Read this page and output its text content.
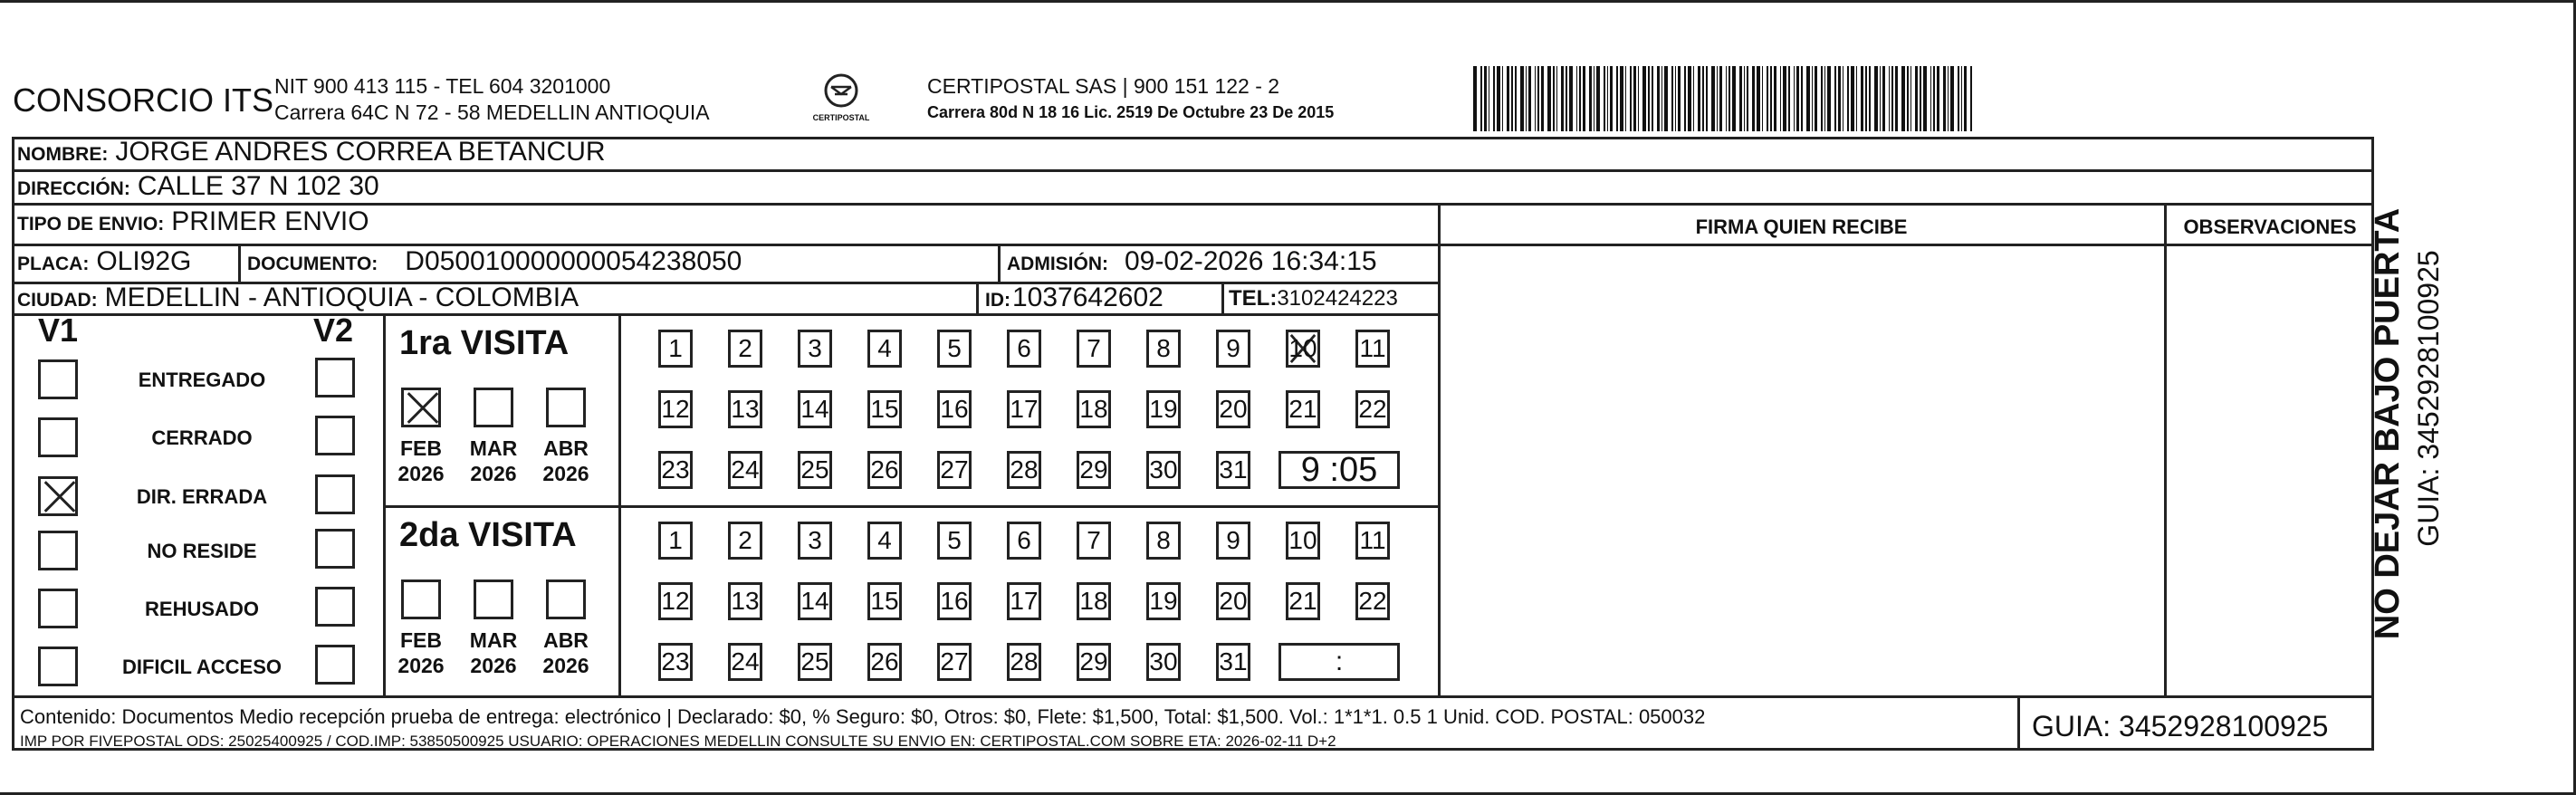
CONSORCIO ITS NIT 900 413 115 - TEL 604 3201000
Carrera 64C N 72 - 58 MEDELLIN ANTIOQUIA	CERTIPOSTAL
CERTIPOSTAL SAS | 900 151 122 - 2
Carrera 80d N 18 16 Lic. 2519 De Octubre 23 De 2015
NOMBRE: JORGE ANDRES CORREA BETANCUR
DIRECCIÓN: CALLE 37 N 102 30
TIPO DE ENVIO: PRIMER ENVIO	FIRMA QUIEN RECIBE	OBSERVACIONES
PLACA: OLI92G	DOCUMENTO: D050010000000054238050	ADMISIÓN: 09-02-2026 16:34:15
CIUDAD: MEDELLIN - ANTIOQUIA - COLOMBIA	ID: 1037642602	TEL: 3102424223
V1	V2
ENTREGADO
CERRADO
DIR. ERRADA
NO RESIDE
REHUSADO
DIFICIL ACCESO
1ra VISITA
FEB
2026
MAR
2026
ABR
2026
1	2	3	4	5	6	7	8	9	10 11
12 13 14 15 16 17 18 19 20 21 22
23 24 25 26 27 28 29 30 31	9 :05
2da VISITA
FEB
2026
MAR
2026
ABR
2026
1	2	3	4	5	6	7	8	9	10 11
12 13 14 15 16 17 18 19 20 21 22
23 24 25 26 27 28 29 30 31	:
Contenido: Documentos Medio recepción prueba de entrega: electrónico | Declarado: $0, % Seguro: $0, Otros: $0, Flete: $1,500, Total: $1,500. Vol.: 1*1*1. 0.5 1 Unid. COD. POSTAL: 050032
IMP POR FIVEPOSTAL ODS: 25025400925 / COD.IMP: 53850500925 USUARIO: OPERACIONES MEDELLIN CONSULTE SU ENVIO EN: CERTIPOSTAL.COM SOBRE ETA: 2026-02-11 D+2	GUIA: 3452928100925
NO DEJAR BAJO PUERTA GUIA: 3452928100925
